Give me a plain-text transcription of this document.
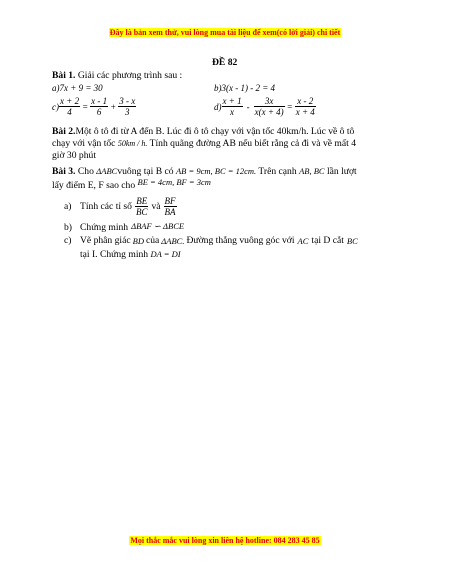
Đây là bản xem thử, vui lòng mua tài liệu để xem(có lời giải) chi tiết
ĐỀ 82
Bài 1. Giải các phương trình sau :
a)7x + 9 = 30	b)3(x - 1) - 2 = 4
$c) \frac{x + 2}{4} = \frac{x - 1}{6} + \frac{3 - x}{3}$	$d) \frac{x + 1}{x} - \frac{3x}{x(x + 4)} = \frac{x - 2}{x + 4}$
Bài 2.Một ô tô đi từ A đến B. Lúc đi ô tô chạy với vận tốc 40km/h. Lúc về ô tô
chạy với vận tốc 50km / h. Tính quãng đường AB nếu biết rằng cả đi và về mất 4
giờ 30 phút
Bài 3. Cho ΔABCvuông tại B có AB = 9cm, BC = 12cm. Trên cạnh AB, BC lần lượt
lấy điểm E, F sao cho BE = 4cm, BF = 3cm
a) Tính các tỉ số $\frac{BE}{BC}$ và $\frac{BF}{BA}$
b) Chứng minh ΔBAF ∽ ΔBCE
c) Vẽ phân giác BD của ΔABC. Đường thẳng vuông góc với AC tại D cắt BC
tại I. Chứng minh DA = DI
Mọi thắc mắc vui lòng xin liên hệ hotline: 084 283 45 85
